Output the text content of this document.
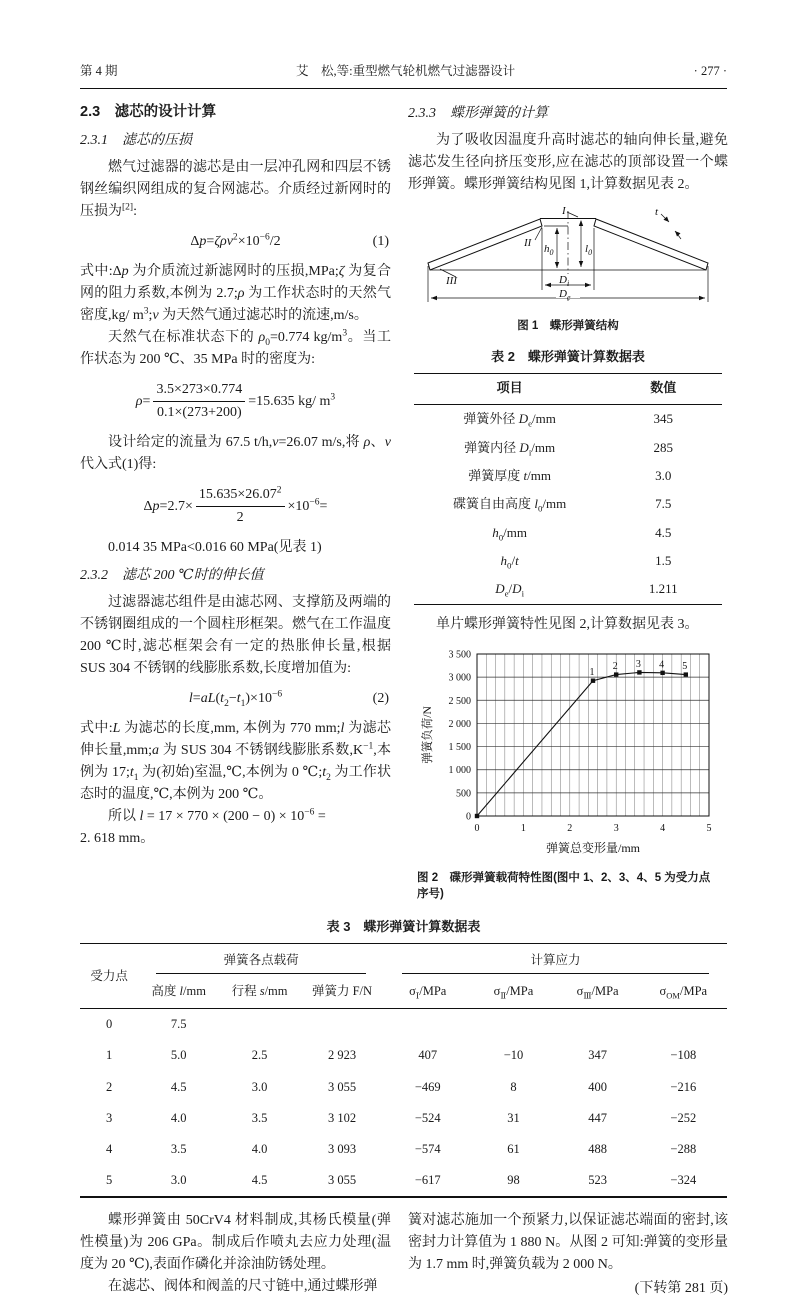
第 4 期	艾　松,等:重型燃气轮机燃气过滤器设计	· 277 ·

2.3　滤芯的设计计算

2.3.1　滤芯的压损

燃气过滤器的滤芯是由一层冲孔网和四层不锈钢丝编织网组成的复合网滤芯。介质经过新网时的压损为[2]:

$\Delta p=\zeta\rho v^2\times 10^{-6}/2$	(1)

式中:Δp 为介质流过新滤网时的压损,MPa;ζ 为复合网的阻力系数,本例为 2.7;ρ 为工作状态时的天然气密度,kg/ $m^3;v$ 为天然气通过滤芯时的流速,m/s。

天然气在标准状态下的 $\rho_0=0.774$ $kg/m^3$。当工作状态为 200 ℃、35 MPa 时的密度为:

$\rho= \frac{3.5\times 273\times 0.774}{0.1\times(273+200)} =15.635$ kg/ $m^3$

设计给定的流量为 67.5 t/h,v=26.07 m/s,将 ρ、v 代入式(1)得:

$\Delta p=2.7\times \frac{15.635\times 26.07^2}{2} \times 10^{-6}=$

0.014 35 MPa<0.016 60 MPa(见表 1)

2.3.2　滤芯 200 ℃时的伸长值

过滤器滤芯组件是由滤芯网、支撑筋及两端的不锈钢圈组成的一个圆柱形框架。燃气在工作温度 200 ℃时,滤芯框架会有一定的热胀伸长量,根据 SUS 304 不锈钢的线膨胀系数,长度增加值为:

$l=aL(t_2-t_1)\times 10^{-6}$	(2)

式中:L 为滤芯的长度,mm, 本例为 770 mm;l 为滤芯伸长量,mm;a 为 SUS 304 不锈钢线膨胀系数$,K^{-1}$,本例为 $17;t_1$ 为(初始)室温,℃,本例为 0 $℃;t_2$ 为工作状态时的温度,℃,本例为 200 ℃。

所以 $l = 17 \times 770 \times (200 - 0) \times 10^{-6}$ =

2. 618 mm。

2.3.3　蝶形弹簧的计算

为了吸收因温度升高时滤芯的轴向伸长量,避免滤芯发生径向挤压变形,应在滤芯的顶部设置一个蝶形弹簧。蝶形弹簧结构见图 1,计算数据见表 2。

I
II
III
t
$h_0$	$l_0$
$D_i$
$D_e$
图 1　蝶形弹簧结构
表 2　蝶形弹簧计算数据表
项目	数值
弹簧外径 $D_e/mm$	345
弹簧内径 $D_i/mm$	285
弹簧厚度 t/mm	3.0
碟簧自由高度 $l_0/mm$	7.5
$h_0/mm$	4.5
$h_0/t$	1.5
$D_e/D_i$	1.211

单片蝶形弹簧特性见图 2,计算数据见表 3。

0	1	2	3	4	5
0
500
1 000
1 500
2 000
2 500
3 000
3 500
1
2 3 4 5
弹簧负荷/N
弹簧总变形量/mm
图 2　碟形弹簧载荷特性图(图中 1、2、3、4、5 为受力点序号)
表 3　蝶形弹簧计算数据表
受力点	弹簧各点载荷			计算应力			

	高度 l/mm	行程 s/mm	弹簧力 F/N	$\sigma_Ⅰ$/MPa	$\sigma_Ⅱ$/MPa	$\sigma_Ⅲ$/MPa	$\sigma_{OM}$/MPa
0	7.5						
1	5.0	2.5	2 923	407	−10	347	−108
2	4.5	3.0	3 055	−469	8	400	−216
3	4.0	3.5	3 102	−524	31	447	−252
4	3.5	4.0	3 093	−574	61	488	−288
5	3.0	4.5	3 055	−617	98	523	−324

蝶形弹簧由 50CrV4 材料制成,其杨氏模量(弹性模量)为 206 GPa。制成后作喷丸去应力处理(温度为 20 ℃),表面作磷化并涂油防锈处理。

在滤芯、阀体和阀盖的尺寸链中,通过蝶形弹

簧对滤芯施加一个预紧力,以保证滤芯端面的密封,该密封力计算值为 1 880 N。从图 2 可知:弹簧的变形量为 1.7 mm 时,弹簧负载为 2 000 N。

(下转第 281 页)
